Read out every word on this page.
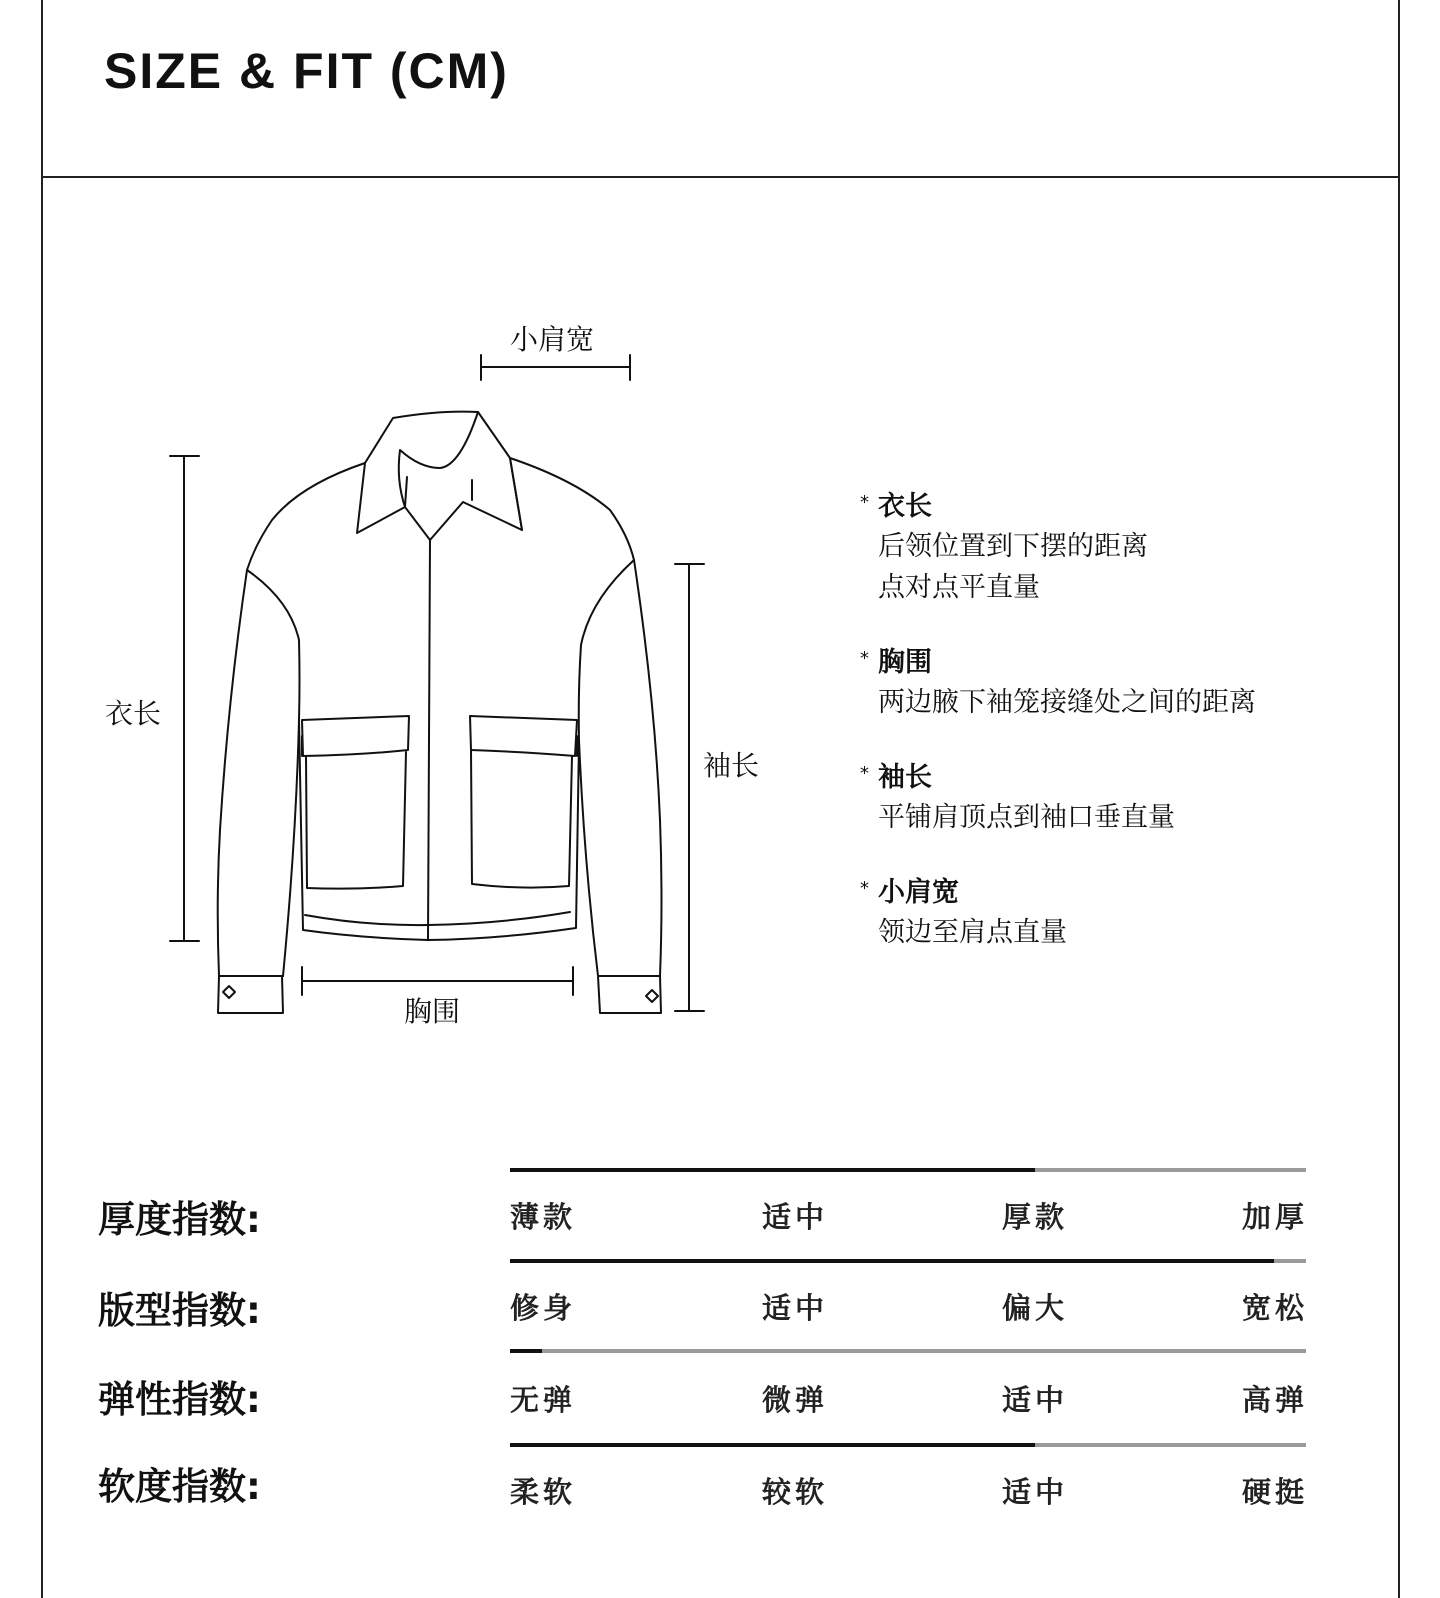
SIZE & FIT (CM)
小肩宽
衣长
袖长
胸围
* 衣长
后领位置到下摆的距离
点对点平直量
* 胸围
两边腋下袖笼接缝处之间的距离
* 袖长
平铺肩顶点到袖口垂直量
* 小肩宽
领边至肩点直量
厚度指数:	薄款	适中	厚款	加厚
版型指数:	修身	适中	偏大	宽松
弹性指数:	无弹	微弹	适中	高弹
软度指数:	柔软	较软	适中	硬挺
